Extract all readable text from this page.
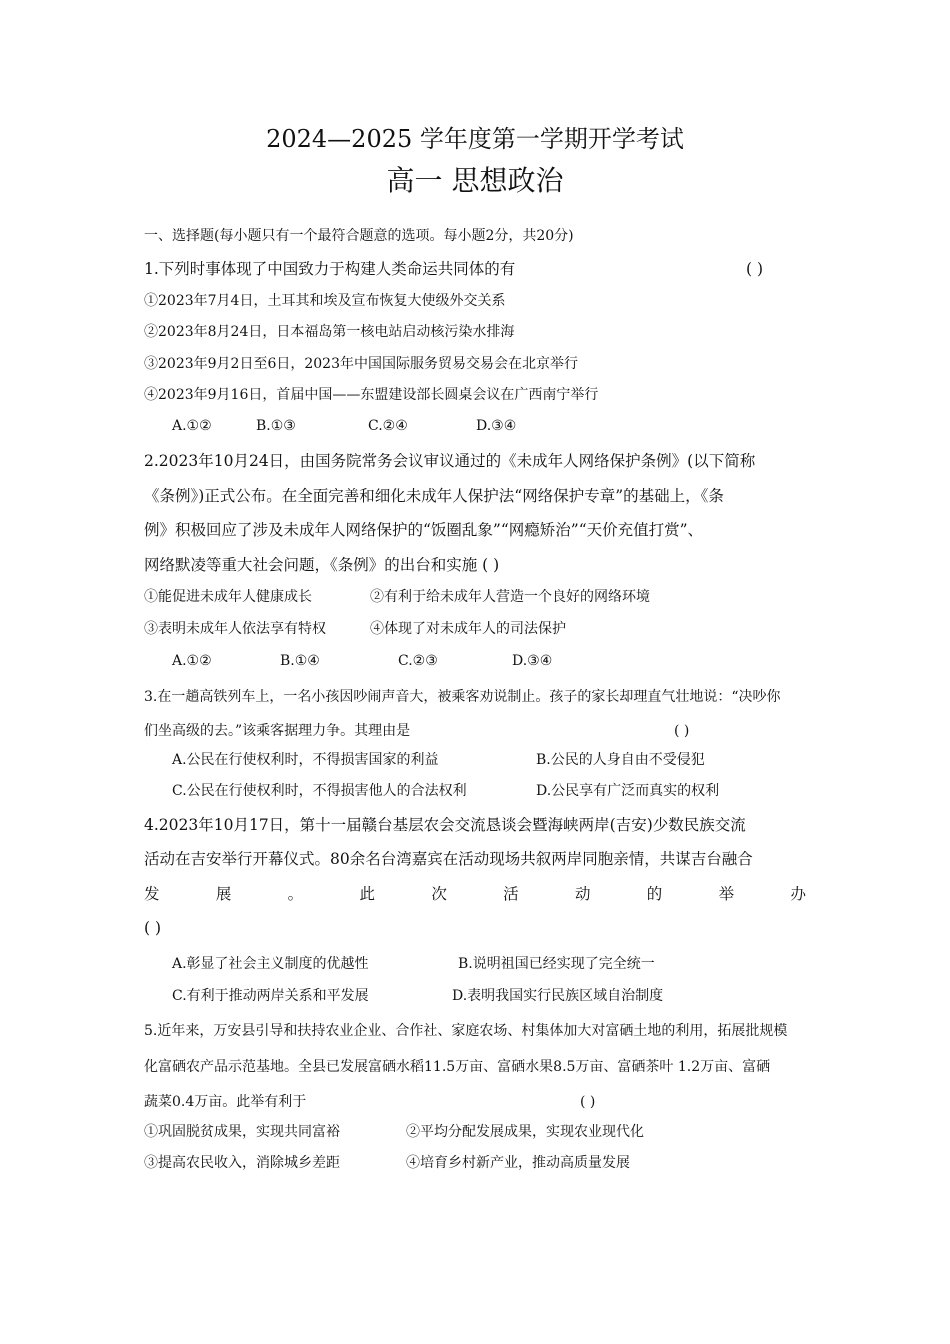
2024—2025 学年度第一学期开学考试
高一 思想政治
一、选择题(每小题只有一个最符合题意的选项。每小题2分，共20分)
1.下列时事体现了中国致力于构建人类命运共同体的有	( )
①2023年7月4日，土耳其和埃及宣布恢复大使级外交关系
②2023年8月24日，日本福岛第一核电站启动核污染水排海
③2023年9月2日至6日，2023年中国国际服务贸易交易会在北京举行
④2023年9月16日，首届中国——东盟建设部长圆桌会议在广西南宁举行
A.①②	B.①③	C.②④	D.③④
2.2023年10月24日，由国务院常务会议审议通过的《未成年人网络保护条例》(以下简称
《条例》)正式公布。在全面完善和细化未成年人保护法“网络保护专章”的基础上，《条
例》积极回应了涉及未成年人网络保护的“饭圈乱象”“网瘾矫治”“天价充值打赏”、
网络默凌等重大社会问题，《条例》的出台和实施 ( )
①能促进未成年人健康成长	②有利于给未成年人营造一个良好的网络环境
③表明未成年人依法享有特权	④体现了对未成年人的司法保护
A.①②	B.①④	C.②③	D.③④
3.在一趟高铁列车上，一名小孩因吵闹声音大，被乘客劝说制止。孩子的家长却理直气壮地说：“决吵你
们坐高级的去。”该乘客据理力争。其理由是	( )
A.公民在行使权利时，不得损害国家的利益	B.公民的人身自由不受侵犯
C.公民在行使权利时，不得损害他人的合法权利	D.公民享有广泛而真实的权利
4.2023年10月17日，第十一届赣台基层农会交流恳谈会暨海峡两岸(吉安)少数民族交流
活动在吉安举行开幕仪式。80余名台湾嘉宾在活动现场共叙两岸同胞亲情，共谋吉台融合
发	展	。	此	次	活	动	的	举	办
( )
A.彰显了社会主义制度的优越性	B.说明祖国已经实现了完全统一
C.有利于推动两岸关系和平发展	D.表明我国实行民族区域自治制度
5.近年来，万安县引导和扶持农业企业、合作社、家庭农场、村集体加大对富硒土地的利用，拓展批规模
化富硒农产品示范基地。全县已发展富硒水稻11.5万亩、富硒水果8.5万亩、富硒茶叶 1.2万亩、富硒
蔬菜0.4万亩。此举有利于	( )
①巩固脱贫成果，实现共同富裕	②平均分配发展成果，实现农业现代化
③提高农民收入，消除城乡差距	④培育乡村新产业，推动高质量发展
